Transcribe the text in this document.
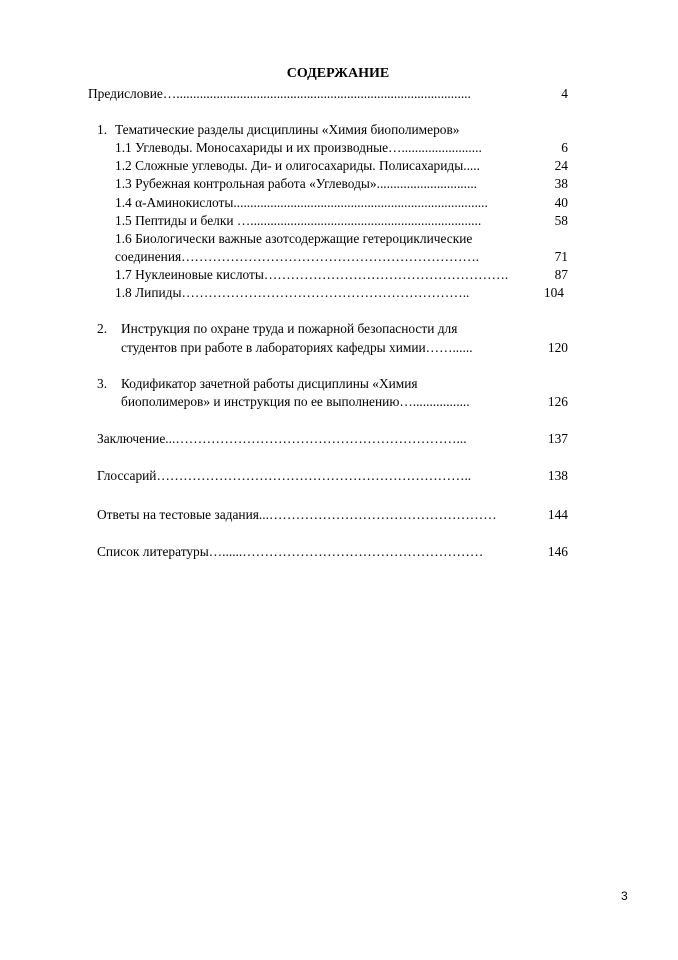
СОДЕРЖАНИЕ
Предисловие… ........................................................................................	4
1. Тематические разделы дисциплины «Химия биополимеров»
1.1 Углеводы. Моносахариды и их производные… ........................	6
1.2 Сложные углеводы. Ди- и олигосахариды. Полисахариды .....	24
1.3 Рубежная контрольная работа «Углеводы» ..............................	38
1.4 α-Аминокислоты ............................................................................	40
1.5 Пептиды и белки … .....................................................................	58
1.6 Биологически важные азотсодержащие гетероциклические
соединения ………………………………………………………….	71
1.7 Нуклеиновые кислоты ……………………………………………….	87
1.8 Липиды ………………………………………………………..	104
2. Инструкция по охране труда и пожарной безопасности для
студентов при работе в лабораториях кафедры химии ……......	120
3. Кодификатор зачетной работы дисциплины «Химия
биополимеров» и инструкция по ее выполнению ….................	126
Заключение ...………………………………………………………...	137
Глоссарий ……………………………………………………………..	138
Ответы на тестовые задания ...……………………………………………	144
Список литературы …......………………………………………………	146
3
